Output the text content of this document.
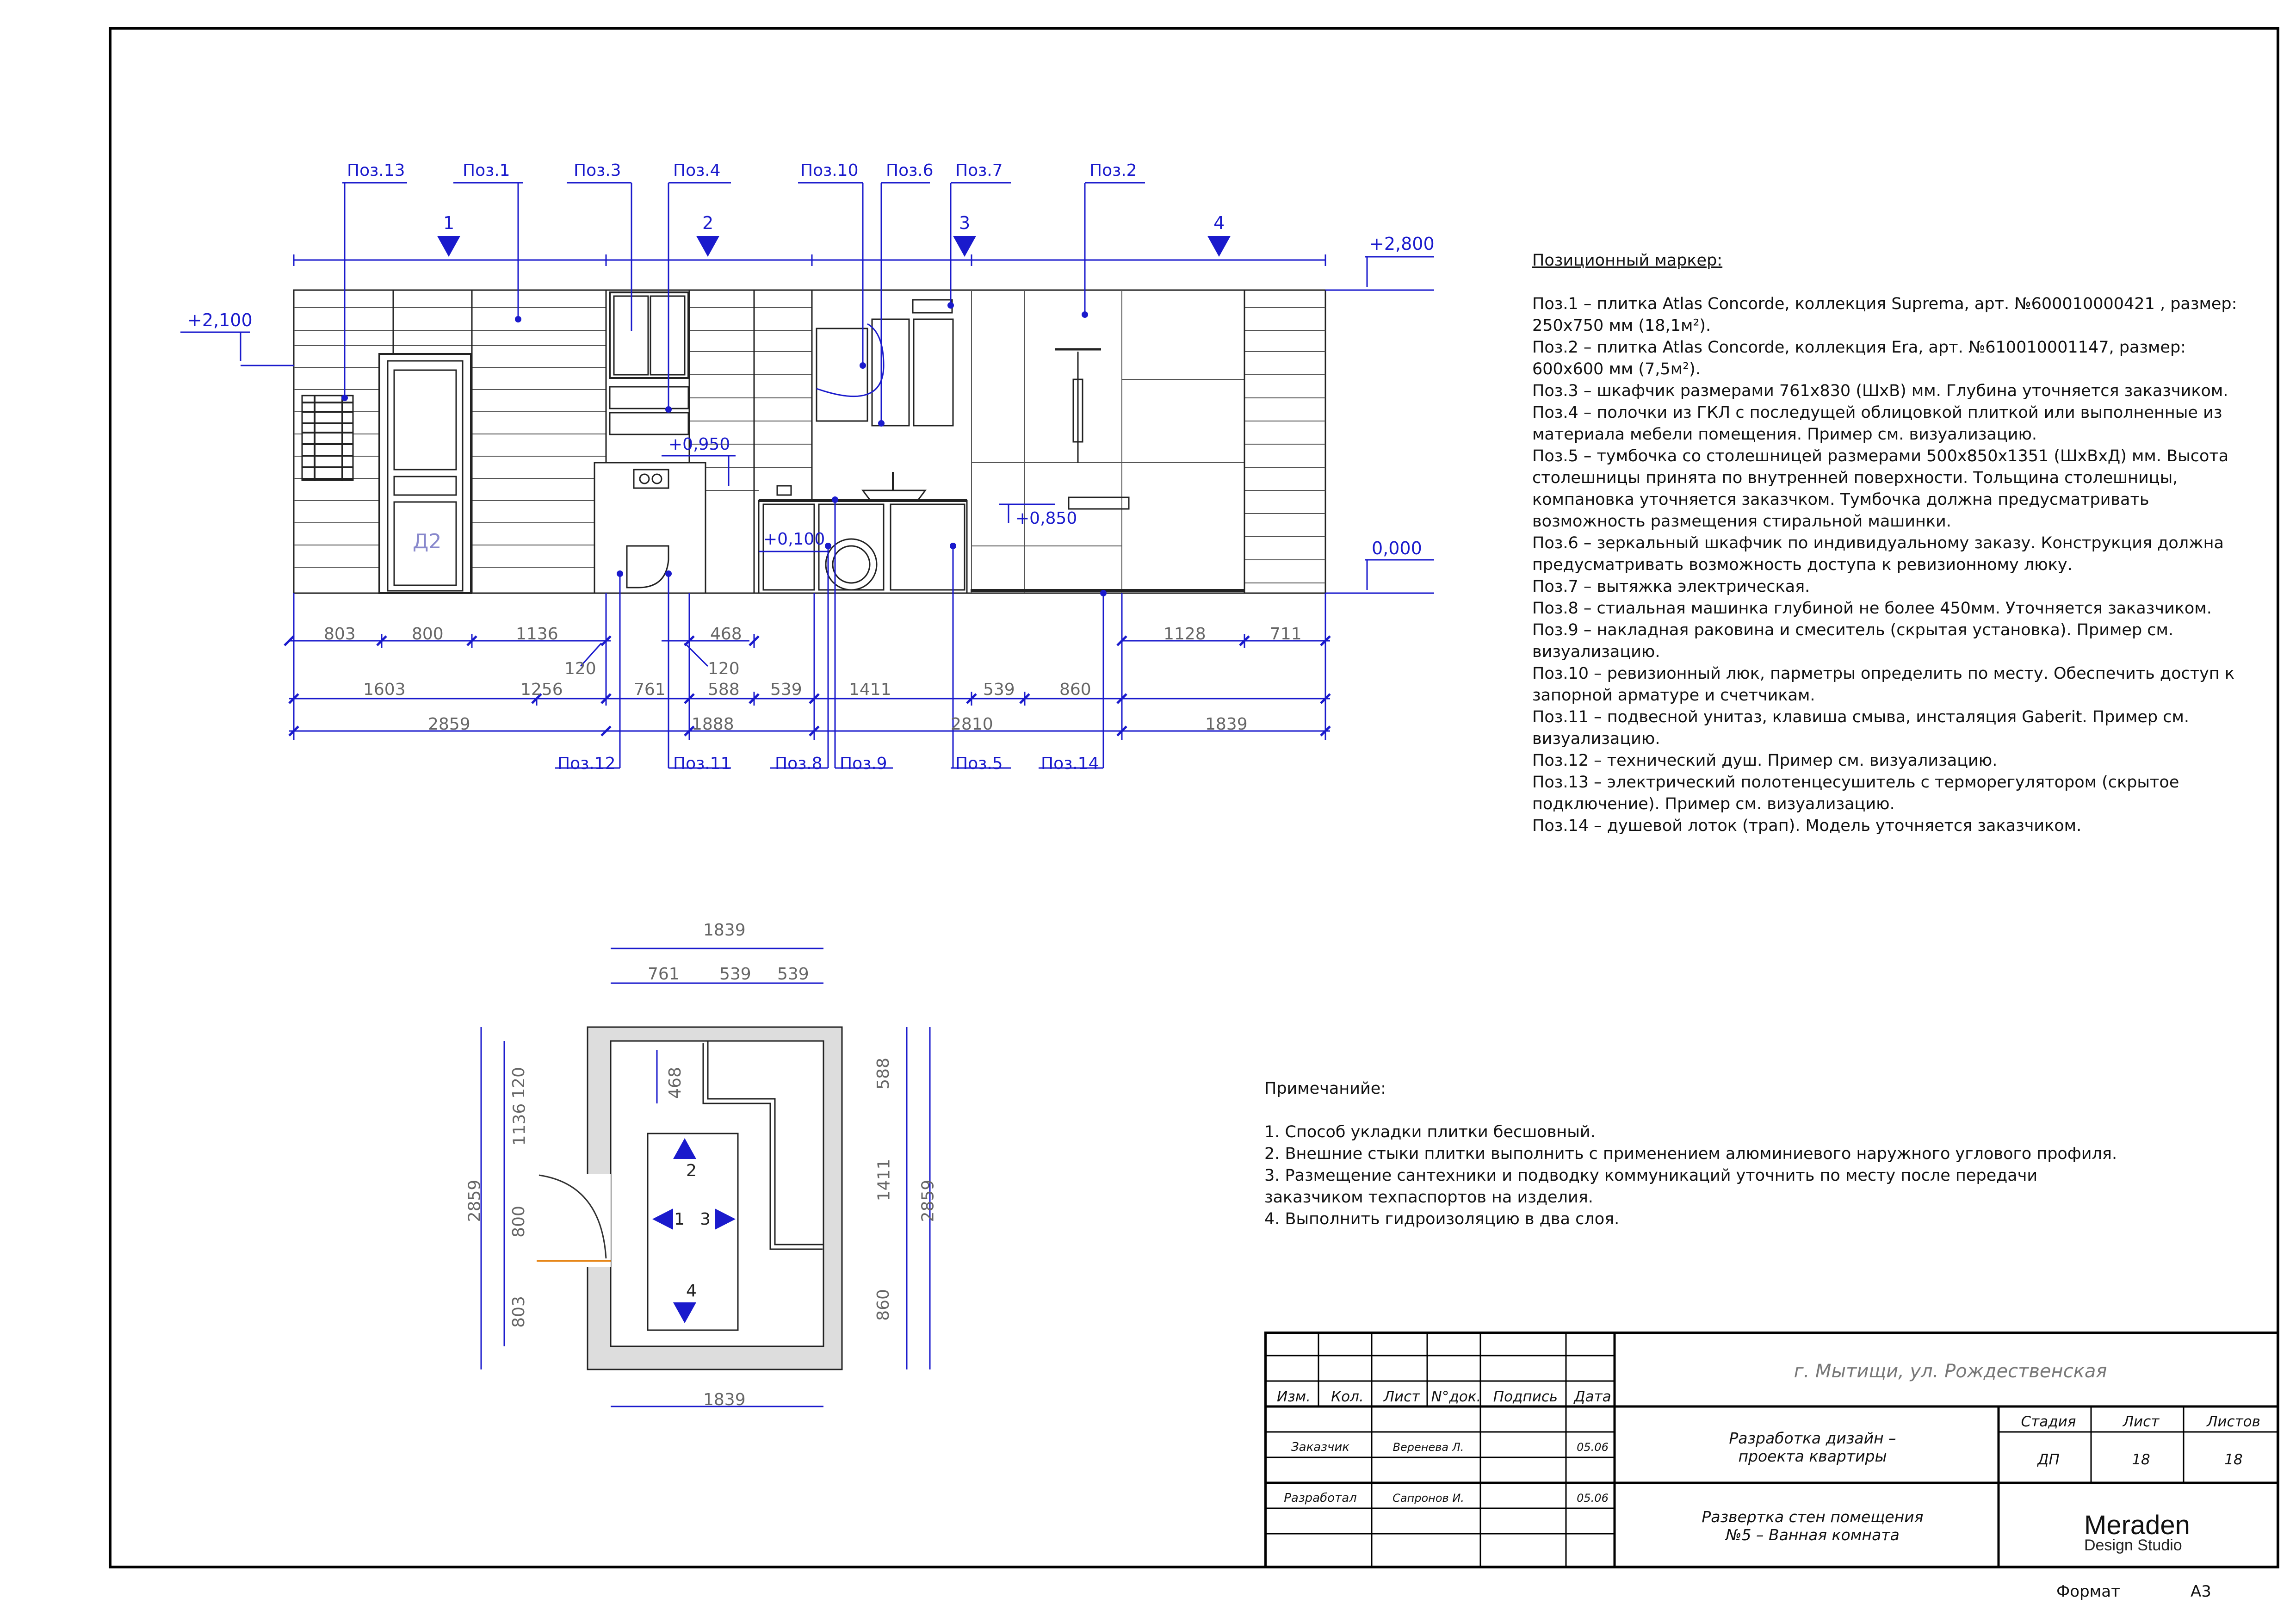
Поз.13	Поз.1	Поз.3	Поз.4	Поз.10 Поз.6 Поз.7	Поз.2
Поз.12	Поз.11	Поз.8 Поз.9	Поз.5 Поз.14
1	2	3	4
+2,800
+2,100
0,000
+0,950
+0,100
+0,850
Д2
803	800	1136	468	1128	711
120	120
1603	1256	761	588 539	1411	539	860
2859	1888	2810	1839
1839
761 539 539
1839
120
1136
800
803
2859
468	588
1411
860
2859
2
1 3
4

Позиционный маркер:

Поз.1 – плитка Atlas Concorde, коллекция Suprema, арт. №600010000421 , размер: 250x750 мм (18,1м²).

Поз.2 – плитка Atlas Concorde, коллекция Era, арт. №610010001147, размер: 600x600 мм (7,5м²).

Поз.3 – шкафчик размерами 761х830 (ШхВ) мм. Глубина уточняется заказчиком.

Поз.4 – полочки из ГКЛ с последущей облицовкой плиткой или выполненные из материала мебели помещения. Пример см. визуализацию.

Поз.5 – тумбочка со столешницей размерами 500х850х1351 (ШхВхД) мм. Высота столешницы принята по внутренней поверхности. Тольщина столешницы, компановка уточняется заказчком. Тумбочка должна предусматривать возможность размещения стиральной машинки.

Поз.6 – зеркальный шкафчик по индивидуальному заказу. Конструкция должна предусматривать возможность доступа к ревизионному люку.

Поз.7 – вытяжка электрическая.

Поз.8 – стиальная машинка глубиной не более 450мм. Уточняется заказчиком.

Поз.9 – накладная раковина и смеситель (скрытая установка). Пример см. визуализацию.

Поз.10 – ревизионный люк, парметры определить по месту. Обеспечить доступ к запорной арматуре и счетчикам.

Поз.11 – подвесной унитаз, клавиша смыва, инсталяция Gaberit. Пример см. визуализацию.

Поз.12 – технический душ. Пример см. визуализацию.

Поз.13 – электрический полотенцесушитель с терморегулятором (скрытое подключение). Пример см. визуализацию.

Поз.14 – душевой лоток (трап). Модель уточняется заказчиком.

Примечанийе:

1. Способ укладки плитки бесшовный.

2. Внешние стыки плитки выполнить с применением алюминиевого наружного углового профиля.

3. Размещение сантехники и подводку коммуникаций уточнить по месту после передачи заказчиком техпаспортов на изделия.

4. Выполнить гидроизоляцию в два слоя.

г. Мытищи, ул. Рождественская
Изм.	Кол.	Лист N°док. Подпись	Дата
Заказчик	Веренева Л.	05.06
Разработал	Сапронов И.	05.06
Разработка дизайн – проекта квартиры
Развертка стен помещения №5 – Ванная комната
Стадия	Лист	Листов
ДП	18	18
Meraden
Design Studio
Формат	А3
